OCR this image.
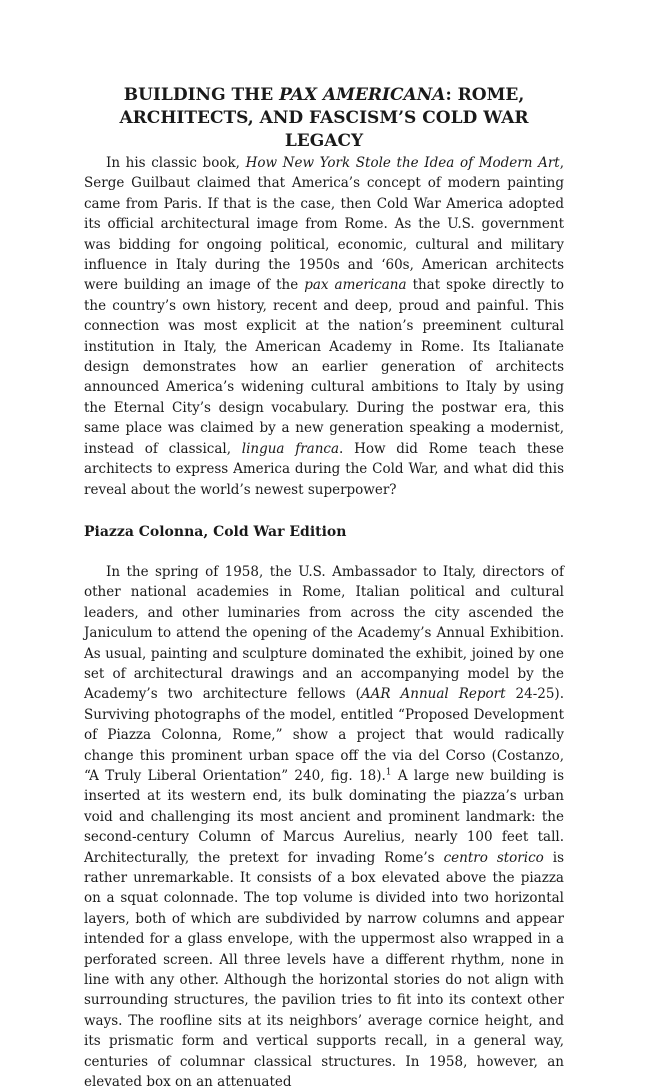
BUILDING THE PAX AMERICANA: ROME,
ARCHITECTS, AND FASCISM’S COLD WAR LEGACY

In his classic book, How New York Stole the Idea of Modern Art, Serge Guilbaut claimed that America’s concept of modern painting came from Paris. If that is the case, then Cold War America adopted its official architectural image from Rome. As the U.S. government was bidding for ongoing political, economic, cultural and military influence in Italy during the 1950s and ‘60s, American architects were building an image of the pax americana that spoke directly to the country’s own history, recent and deep, proud and painful. This connection was most explicit at the nation’s preeminent cultural institution in Italy, the American Academy in Rome. Its Italianate design demonstrates how an earlier generation of architects announced America’s widening cultural ambitions to Italy by using the Eternal City’s design vocabulary. During the postwar era, this same place was claimed by a new generation speaking a modernist, instead of classical, lingua franca. How did Rome teach these architects to express America during the Cold War, and what did this reveal about the world’s newest superpower?

Piazza Colonna, Cold War Edition

In the spring of 1958, the U.S. Ambassador to Italy, directors of other national academies in Rome, Italian political and cultural leaders, and other luminaries from across the city ascended the Janiculum to attend the opening of the Academy’s Annual Exhibition. As usual, painting and sculpture dominated the exhibit, joined by one set of architectural drawings and an accompanying model by the Academy’s two architecture fellows (AAR Annual Report 24-25). Surviving photographs of the model, entitled “Proposed Development of Piazza Colonna, Rome,” show a project that would radically change this prominent urban space off the via del Corso (Costanzo, “A Truly Liberal Orientation” 240, fig. 18).$^1$ A large new building is inserted at its western end, its bulk dominating the piazza’s urban void and challenging its most ancient and prominent landmark: the second-century Column of Marcus Aurelius, nearly 100 feet tall. Architecturally, the pretext for invading Rome’s centro storico is rather unremarkable. It consists of a box elevated above the piazza on a squat colonnade. The top volume is divided into two horizontal layers, both of which are subdivided by narrow columns and appear intended for a glass envelope, with the uppermost also wrapped in a perforated screen. All three levels have a different rhythm, none in line with any other. Although the horizontal stories do not align with surrounding structures, the pavilion tries to fit into its context other ways. The roofline sits at its neighbors’ average cornice height, and its prismatic form and vertical supports recall, in a general way, centuries of columnar classical structures. In 1958, however, an elevated box on an attenuated
